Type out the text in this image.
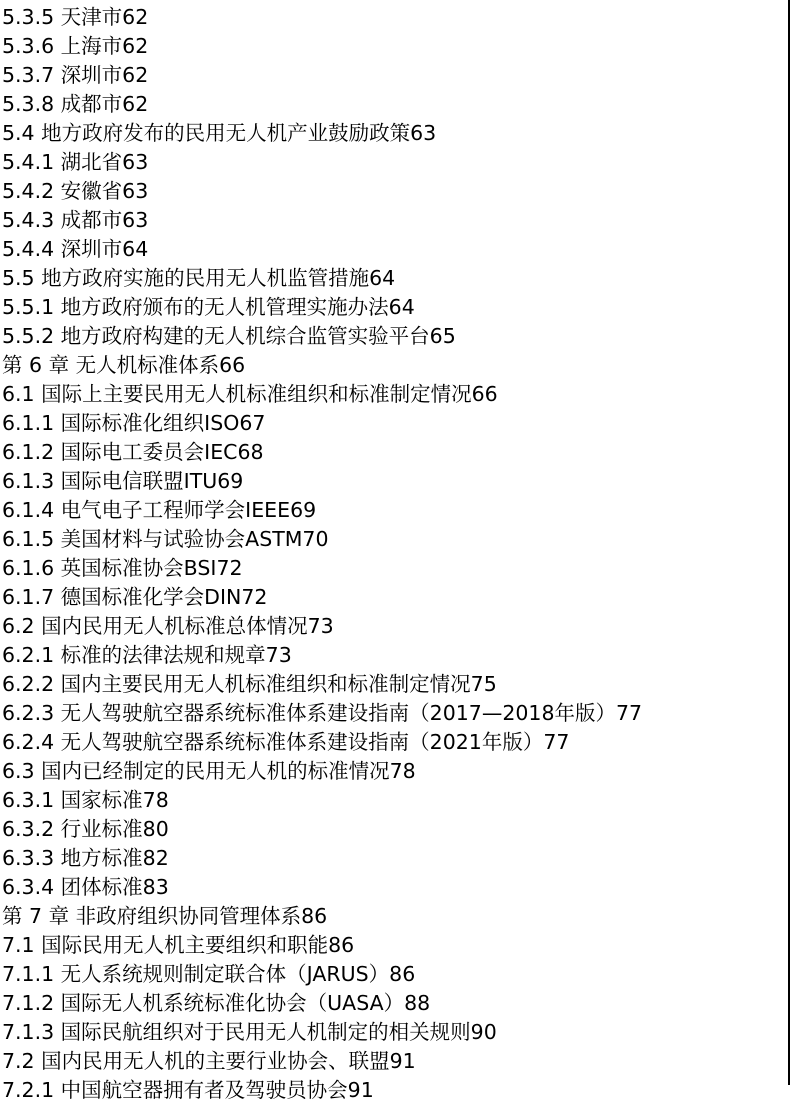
5.3.5 天津市62
5.3.6 上海市62
5.3.7 深圳市62
5.3.8 成都市62
5.4 地方政府发布的民用无人机产业鼓励政策63
5.4.1 湖北省63
5.4.2 安徽省63
5.4.3 成都市63
5.4.4 深圳市64
5.5 地方政府实施的民用无人机监管措施64
5.5.1 地方政府颁布的无人机管理实施办法64
5.5.2 地方政府构建的无人机综合监管实验平台65
第 6 章 无人机标准体系66
6.1 国际上主要民用无人机标准组织和标准制定情况66
6.1.1 国际标准化组织ISO67
6.1.2 国际电工委员会IEC68
6.1.3 国际电信联盟ITU69
6.1.4 电气电子工程师学会IEEE69
6.1.5 美国材料与试验协会ASTM70
6.1.6 英国标准协会BSI72
6.1.7 德国标准化学会DIN72
6.2 国内民用无人机标准总体情况73
6.2.1 标准的法律法规和规章73
6.2.2 国内主要民用无人机标准组织和标准制定情况75
6.2.3 无人驾驶航空器系统标准体系建设指南（2017—2018年版）77
6.2.4 无人驾驶航空器系统标准体系建设指南（2021年版）77
6.3 国内已经制定的民用无人机的标准情况78
6.3.1 国家标准78
6.3.2 行业标准80
6.3.3 地方标准82
6.3.4 团体标准83
第 7 章 非政府组织协同管理体系86
7.1 国际民用无人机主要组织和职能86
7.1.1 无人系统规则制定联合体（JARUS）86
7.1.2 国际无人机系统标准化协会（UASA）88
7.1.3 国际民航组织对于民用无人机制定的相关规则90
7.2 国内民用无人机的主要行业协会、联盟91
7.2.1 中国航空器拥有者及驾驶员协会91
